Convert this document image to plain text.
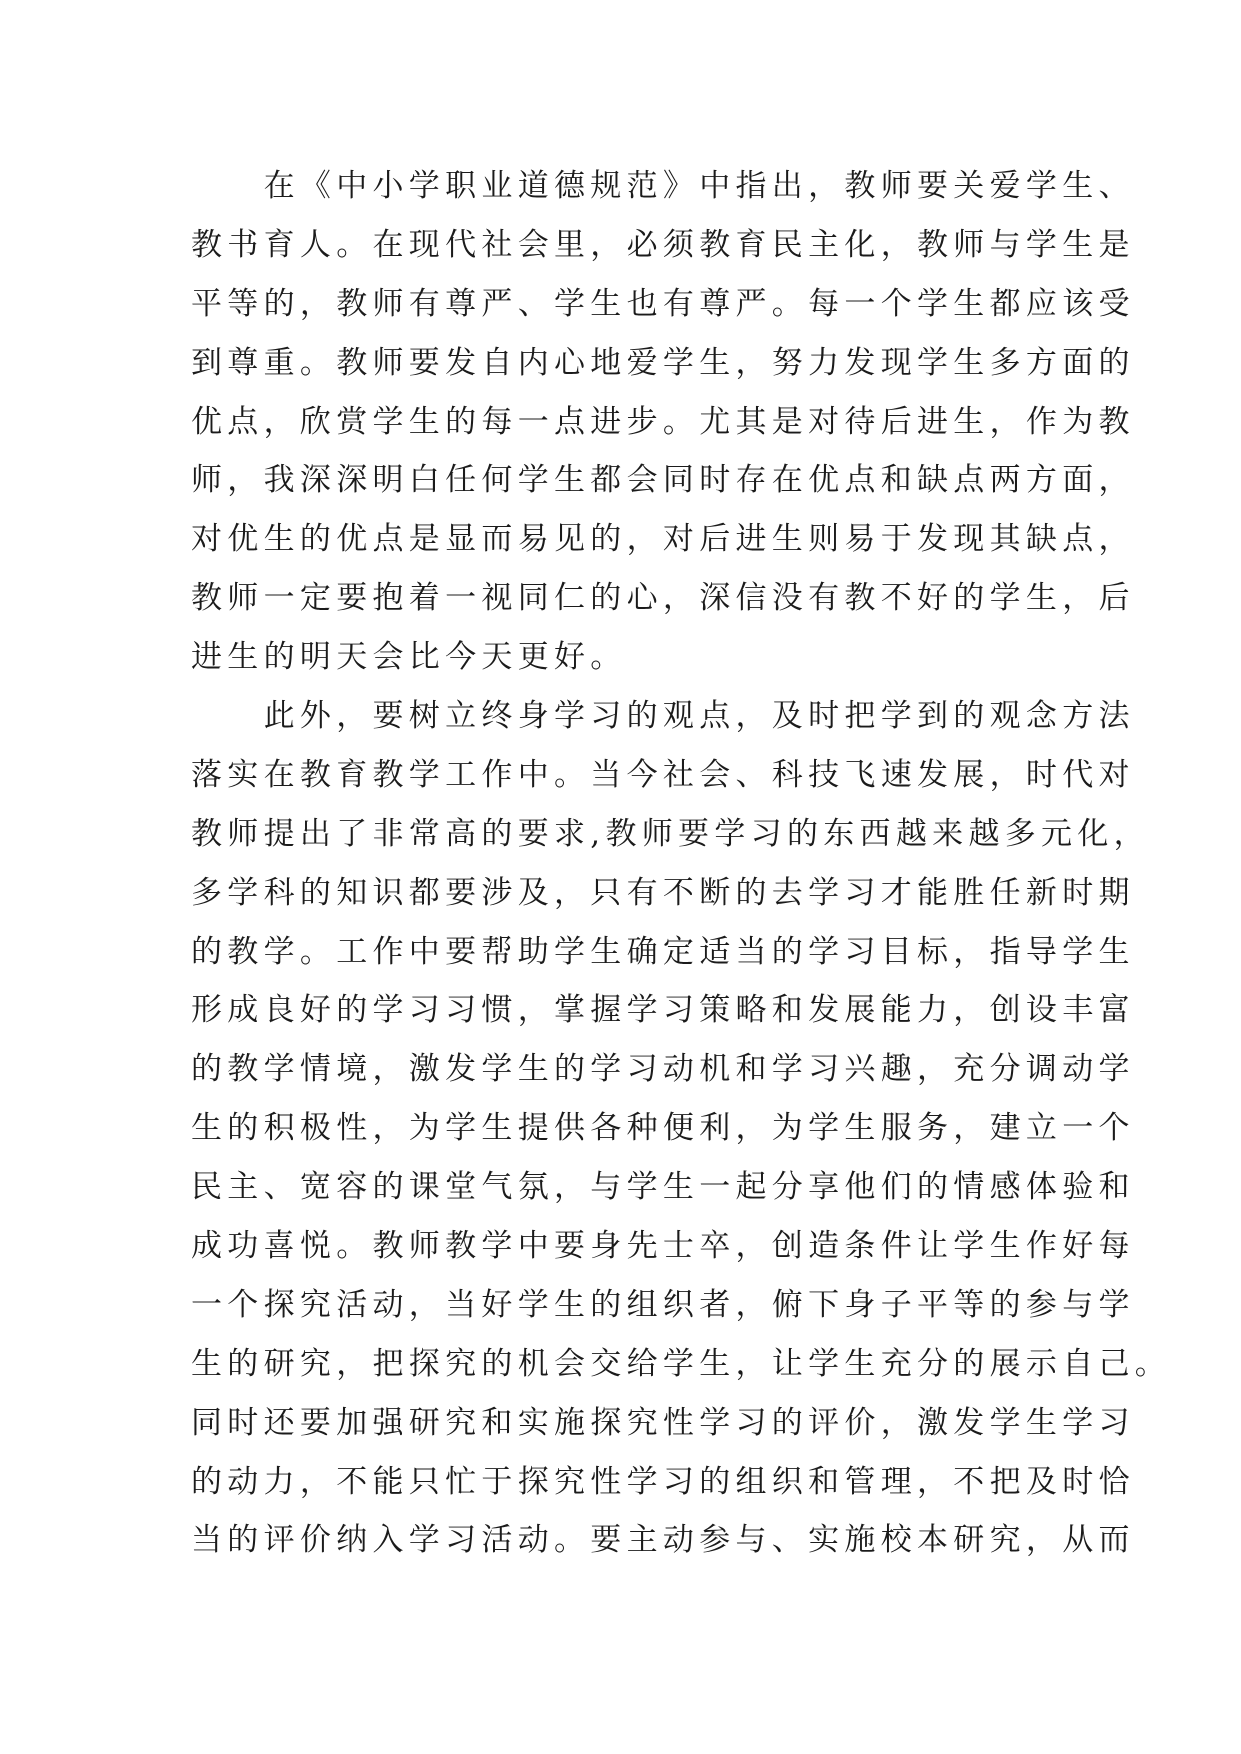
　　在《中小学职业道德规范》中指出，教师要关爱学生、
教书育人。在现代社会里，必须教育民主化，教师与学生是
平等的，教师有尊严、学生也有尊严。每一个学生都应该受
到尊重。教师要发自内心地爱学生，努力发现学生多方面的
优点，欣赏学生的每一点进步。尤其是对待后进生，作为教
师，我深深明白任何学生都会同时存在优点和缺点两方面，
对优生的优点是显而易见的，对后进生则易于发现其缺点，
教师一定要抱着一视同仁的心，深信没有教不好的学生，后
进生的明天会比今天更好。
　　此外，要树立终身学习的观点，及时把学到的观念方法
落实在教育教学工作中。当今社会、科技飞速发展，时代对
教师提出了非常高的要求,教师要学习的东西越来越多元化，
多学科的知识都要涉及，只有不断的去学习才能胜任新时期
的教学。工作中要帮助学生确定适当的学习目标，指导学生
形成良好的学习习惯，掌握学习策略和发展能力，创设丰富
的教学情境，激发学生的学习动机和学习兴趣，充分调动学
生的积极性，为学生提供各种便利，为学生服务，建立一个
民主、宽容的课堂气氛，与学生一起分享他们的情感体验和
成功喜悦。教师教学中要身先士卒，创造条件让学生作好每
一个探究活动，当好学生的组织者，俯下身子平等的参与学
生的研究，把探究的机会交给学生，让学生充分的展示自己。
同时还要加强研究和实施探究性学习的评价，激发学生学习
的动力，不能只忙于探究性学习的组织和管理，不把及时恰
当的评价纳入学习活动。要主动参与、实施校本研究，从而
